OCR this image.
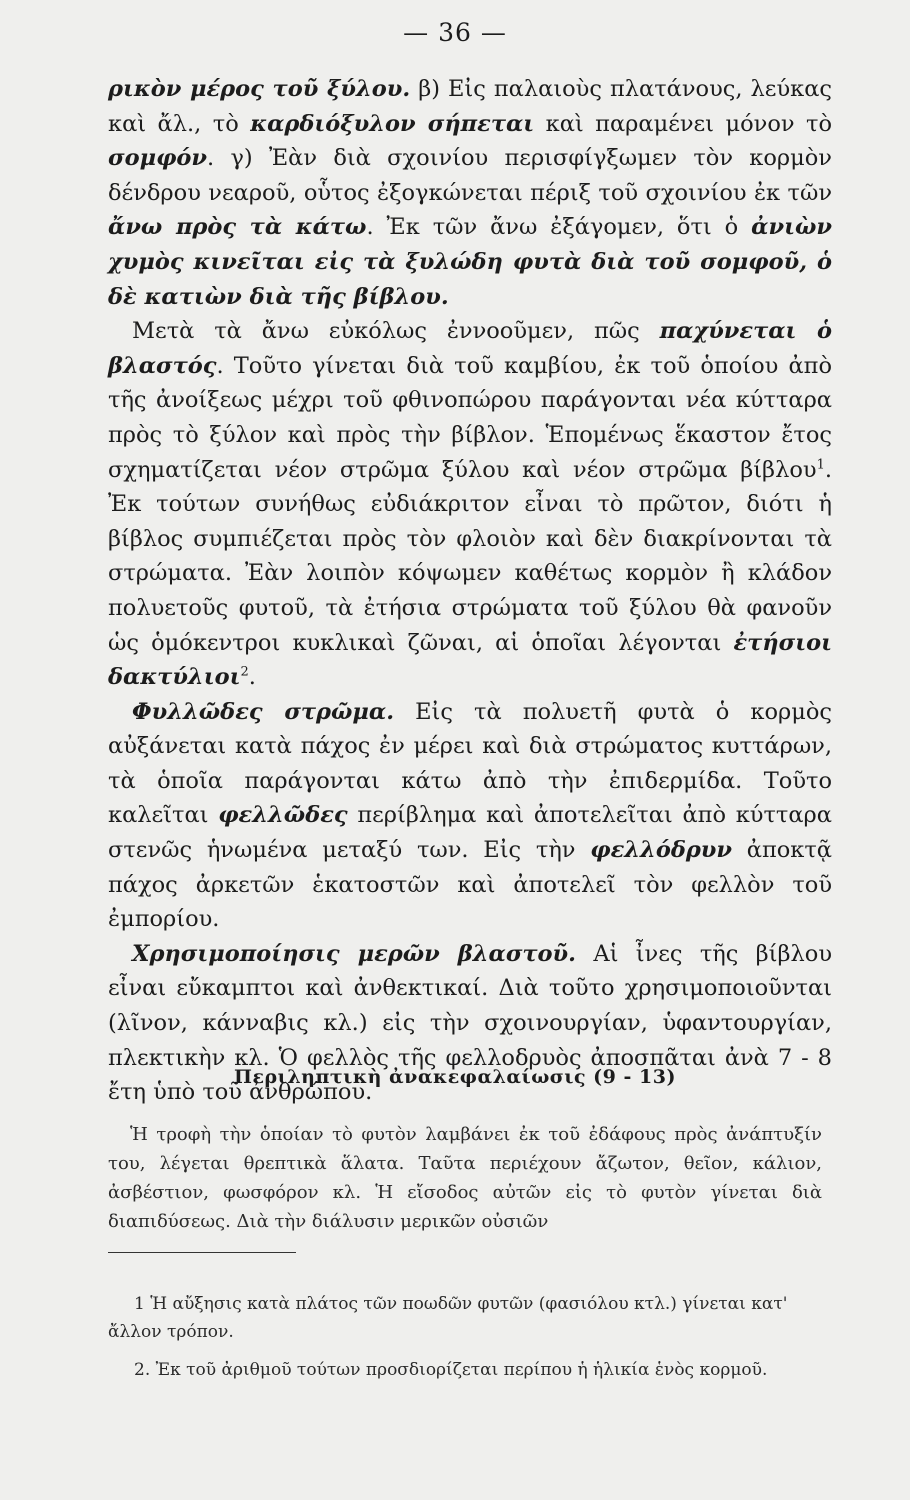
— 36 —

ρικὸν μέρος τοῦ ξύλου. β) Εἰς παλαιοὺς πλατάνους, λεύκας καὶ ἄλ., τὸ καρδιόξυλον σήπεται καὶ παραμένει μόνον τὸ σομφόν. γ) Ἐὰν διὰ σχοινίου περισφίγξωμεν τὸν κορμὸν δένδρου νεαροῦ, οὗτος ἐξογκώνεται πέριξ τοῦ σχοινίου ἐκ τῶν ἄνω πρὸς τὰ κάτω. Ἐκ τῶν ἄνω ἐξάγομεν, ὅτι ὁ ἀνιὼν χυμὸς κινεῖται εἰς τὰ ξυλώδη φυτὰ διὰ τοῦ σομφοῦ, ὁ δὲ κατιὼν διὰ τῆς βίβλου.

Μετὰ τὰ ἄνω εὐκόλως ἐννοοῦμεν, πῶς παχύνεται ὁ βλαστός. Τοῦτο γίνεται διὰ τοῦ καμβίου, ἐκ τοῦ ὁποίου ἀπὸ τῆς ἀνοίξεως μέχρι τοῦ φθινοπώρου παράγονται νέα κύτταρα πρὸς τὸ ξύλον καὶ πρὸς τὴν βίβλον. Ἑπομένως ἕκαστον ἔτος σχηματίζεται νέον στρῶμα ξύλου καὶ νέον στρῶμα βίβλου$^1$. Ἐκ τούτων συνήθως εὐδιάκριτον εἶναι τὸ πρῶτον, διότι ἡ βίβλος συμπιέζεται πρὸς τὸν φλοιὸν καὶ δὲν διακρίνονται τὰ στρώματα. Ἐὰν λοιπὸν κόψωμεν καθέτως κορμὸν ἢ κλάδον πολυετοῦς φυτοῦ, τὰ ἐτήσια στρώματα τοῦ ξύλου θὰ φανοῦν ὡς ὁμόκεντροι κυκλικαὶ ζῶναι, αἱ ὁποῖαι λέγονται ἐτήσιοι δακτύλιοι$^2$.

Φυλλῶδες στρῶμα. Εἰς τὰ πολυετῆ φυτὰ ὁ κορμὸς αὐξάνεται κατὰ πάχος ἐν μέρει καὶ διὰ στρώματος κυττάρων, τὰ ὁποῖα παράγονται κάτω ἀπὸ τὴν ἐπιδερμίδα. Τοῦτο καλεῖται φελλῶδες περίβλημα καὶ ἀποτελεῖται ἀπὸ κύτταρα στενῶς ἡνωμένα μεταξύ των. Εἰς τὴν φελλόδρυν ἀποκτᾷ πάχος ἀρκετῶν ἑκατοστῶν καὶ ἀποτελεῖ τὸν φελλὸν τοῦ ἐμπορίου.

Χρησιμοποίησις μερῶν βλαστοῦ. Αἱ ἶνες τῆς βίβλου εἶναι εὔκαμπτοι καὶ ἀνθεκτικαί. Διὰ τοῦτο χρησιμοποιοῦνται (λῖνον, κάνναβις κλ.) εἰς τὴν σχοινουργίαν, ὑφαντουργίαν, πλεκτικὴν κλ. Ὁ φελλὸς τῆς φελλοδρυὸς ἀποσπᾶται ἀνὰ 7 - 8 ἔτη ὑπὸ τοῦ ἀνθρώπου.

Περιληπτικὴ ἀνακεφαλαίωσις (9 - 13)

Ἡ τροφὴ τὴν ὁποίαν τὸ φυτὸν λαμβάνει ἐκ τοῦ ἐδάφους πρὸς ἀνάπτυξίν του, λέγεται θρεπτικὰ ἅλατα. Ταῦτα περιέχουν ἄζωτον, θεῖον, κάλιον, ἀσβέστιον, φωσφόρον κλ. Ἡ εἴσοδος αὐτῶν εἰς τὸ φυτὸν γίνεται διὰ διαπιδύσεως. Διὰ τὴν διάλυσιν μερικῶν οὐσιῶν

1 Ἡ αὔξησις κατὰ πλάτος τῶν ποωδῶν φυτῶν (φασιόλου κτλ.) γίνεται κατ' ἄλλον τρόπον.

2. Ἐκ τοῦ ἀριθμοῦ τούτων προσδιορίζεται περίπου ἡ ἡλικία ἑνὸς κορμοῦ.
